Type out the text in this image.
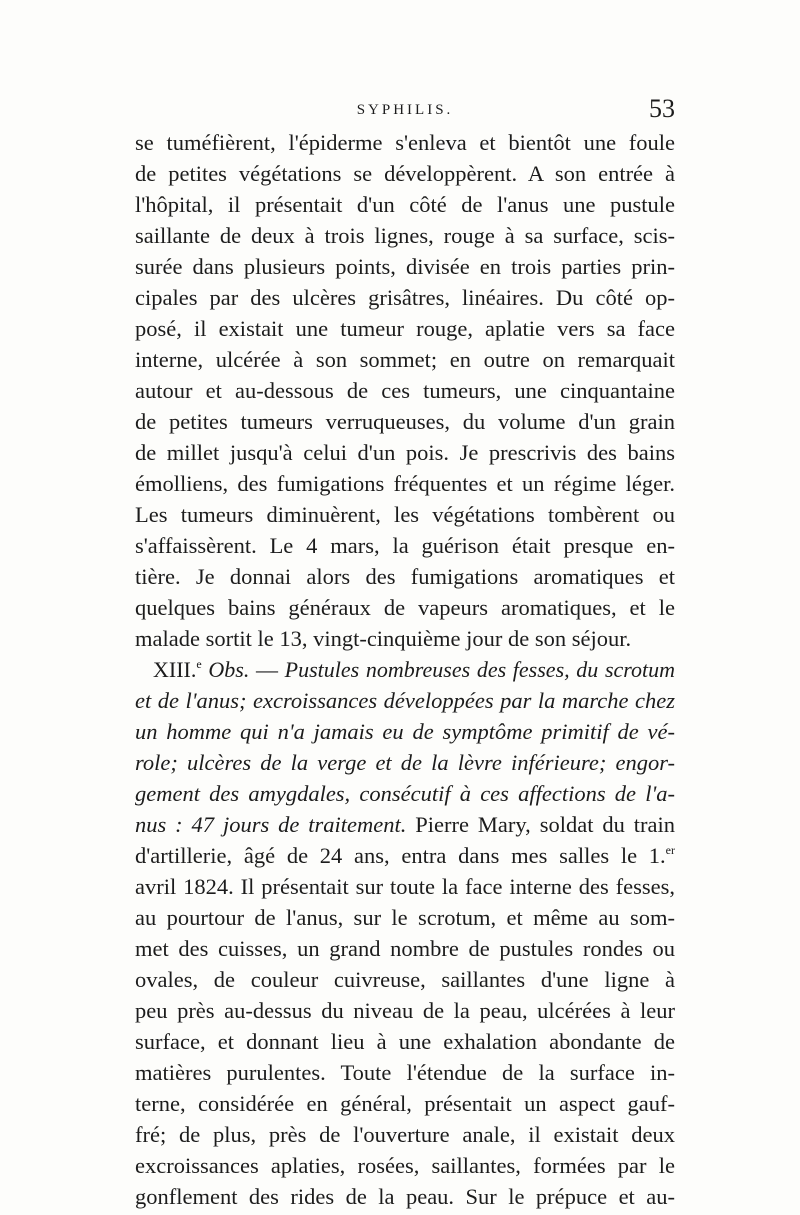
SYPHILIS.	53
se tuméfièrent, l'épiderme s'enleva et bientôt une foule
de petites végétations se développèrent. A son entrée à
l'hôpital, il présentait d'un côté de l'anus une pustule
saillante de deux à trois lignes, rouge à sa surface, scis-
surée dans plusieurs points, divisée en trois parties prin-
cipales par des ulcères grisâtres, linéaires. Du côté op-
posé, il existait une tumeur rouge, aplatie vers sa face
interne, ulcérée à son sommet; en outre on remarquait
autour et au-dessous de ces tumeurs, une cinquantaine
de petites tumeurs verruqueuses, du volume d'un grain
de millet jusqu'à celui d'un pois. Je prescrivis des bains
émolliens, des fumigations fréquentes et un régime léger.
Les tumeurs diminuèrent, les végétations tombèrent ou
s'affaissèrent. Le 4 mars, la guérison était presque en-
tière. Je donnai alors des fumigations aromatiques et
quelques bains généraux de vapeurs aromatiques, et le
malade sortit le 13, vingt-cinquième jour de son séjour.
XIII.$^e$ Obs. — Pustules nombreuses des fesses, du scrotum
et de l'anus; excroissances développées par la marche chez
un homme qui n'a jamais eu de symptôme primitif de vé-
role; ulcères de la verge et de la lèvre inférieure; engor-
gement des amygdales, consécutif à ces affections de l'a-
nus : 47 jours de traitement. Pierre Mary, soldat du train
d'artillerie, âgé de 24 ans, entra dans mes salles le 1.$^{er}$
avril 1824. Il présentait sur toute la face interne des fesses,
au pourtour de l'anus, sur le scrotum, et même au som-
met des cuisses, un grand nombre de pustules rondes ou
ovales, de couleur cuivreuse, saillantes d'une ligne à
peu près au-dessus du niveau de la peau, ulcérées à leur
surface, et donnant lieu à une exhalation abondante de
matières purulentes. Toute l'étendue de la surface in-
terne, considérée en général, présentait un aspect gauf-
fré; de plus, près de l'ouverture anale, il existait deux
excroissances aplaties, rosées, saillantes, formées par le
gonflement des rides de la peau. Sur le prépuce et au-
